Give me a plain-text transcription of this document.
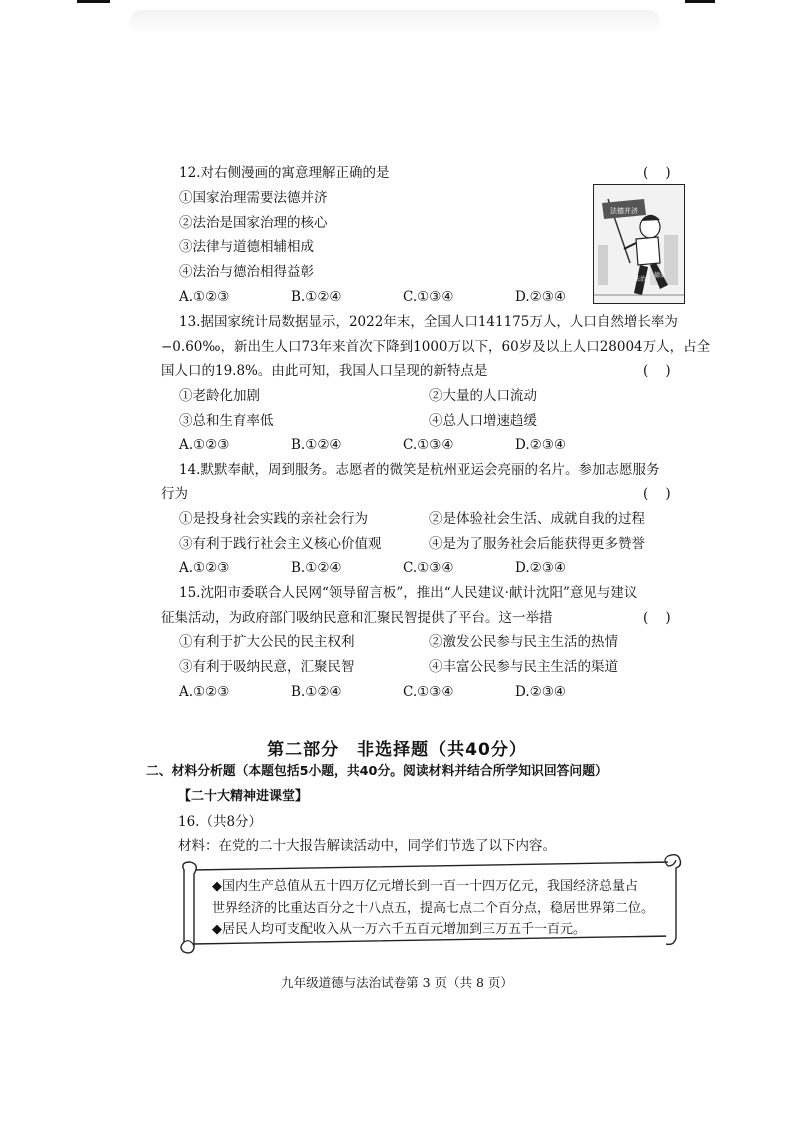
12.对右侧漫画的寓意理解正确的是	(    )
①国家治理需要法德并济
②法治是国家治理的核心
③法律与道德相辅相成
④法治与德治相得益彰
A.①②③	B.①②④	C.①③④	D.②③④
法德并济
法治
德治
13.据国家统计局数据显示，2022年末，全国人口141175万人，人口自然增长率为
−0.60‰，新出生人口73年来首次下降到1000万以下，60岁及以上人口28004万人，占全
国人口的19.8%。由此可知，我国人口呈现的新特点是	(    )
①老龄化加剧	②大量的人口流动
③总和生育率低	④总人口增速趋缓
A.①②③	B.①②④	C.①③④	D.②③④
14.默默奉献，周到服务。志愿者的微笑是杭州亚运会亮丽的名片。参加志愿服务
行为	(    )
①是投身社会实践的亲社会行为	②是体验社会生活、成就自我的过程
③有利于践行社会主义核心价值观	④是为了服务社会后能获得更多赞誉
A.①②③	B.①②④	C.①③④	D.②③④
15.沈阳市委联合人民网“领导留言板”，推出“人民建议·献计沈阳”意见与建议
征集活动，为政府部门吸纳民意和汇聚民智提供了平台。这一举措	(    )
①有利于扩大公民的民主权利	②激发公民参与民主生活的热情
③有利于吸纳民意，汇聚民智	④丰富公民参与民主生活的渠道
A.①②③	B.①②④	C.①③④	D.②③④
第二部分　非选择题（共40分）
二、材料分析题（本题包括5小题，共40分。阅读材料并结合所学知识回答问题）
【二十大精神进课堂】
16.（共8分）
材料：在党的二十大报告解读活动中，同学们节选了以下内容。
◆国内生产总值从五十四万亿元增长到一百一十四万亿元，我国经济总量占
世界经济的比重达百分之十八点五，提高七点二个百分点，稳居世界第二位。
◆居民人均可支配收入从一万六千五百元增加到三万五千一百元。
九年级道德与法治试卷第 3 页（共 8 页）
